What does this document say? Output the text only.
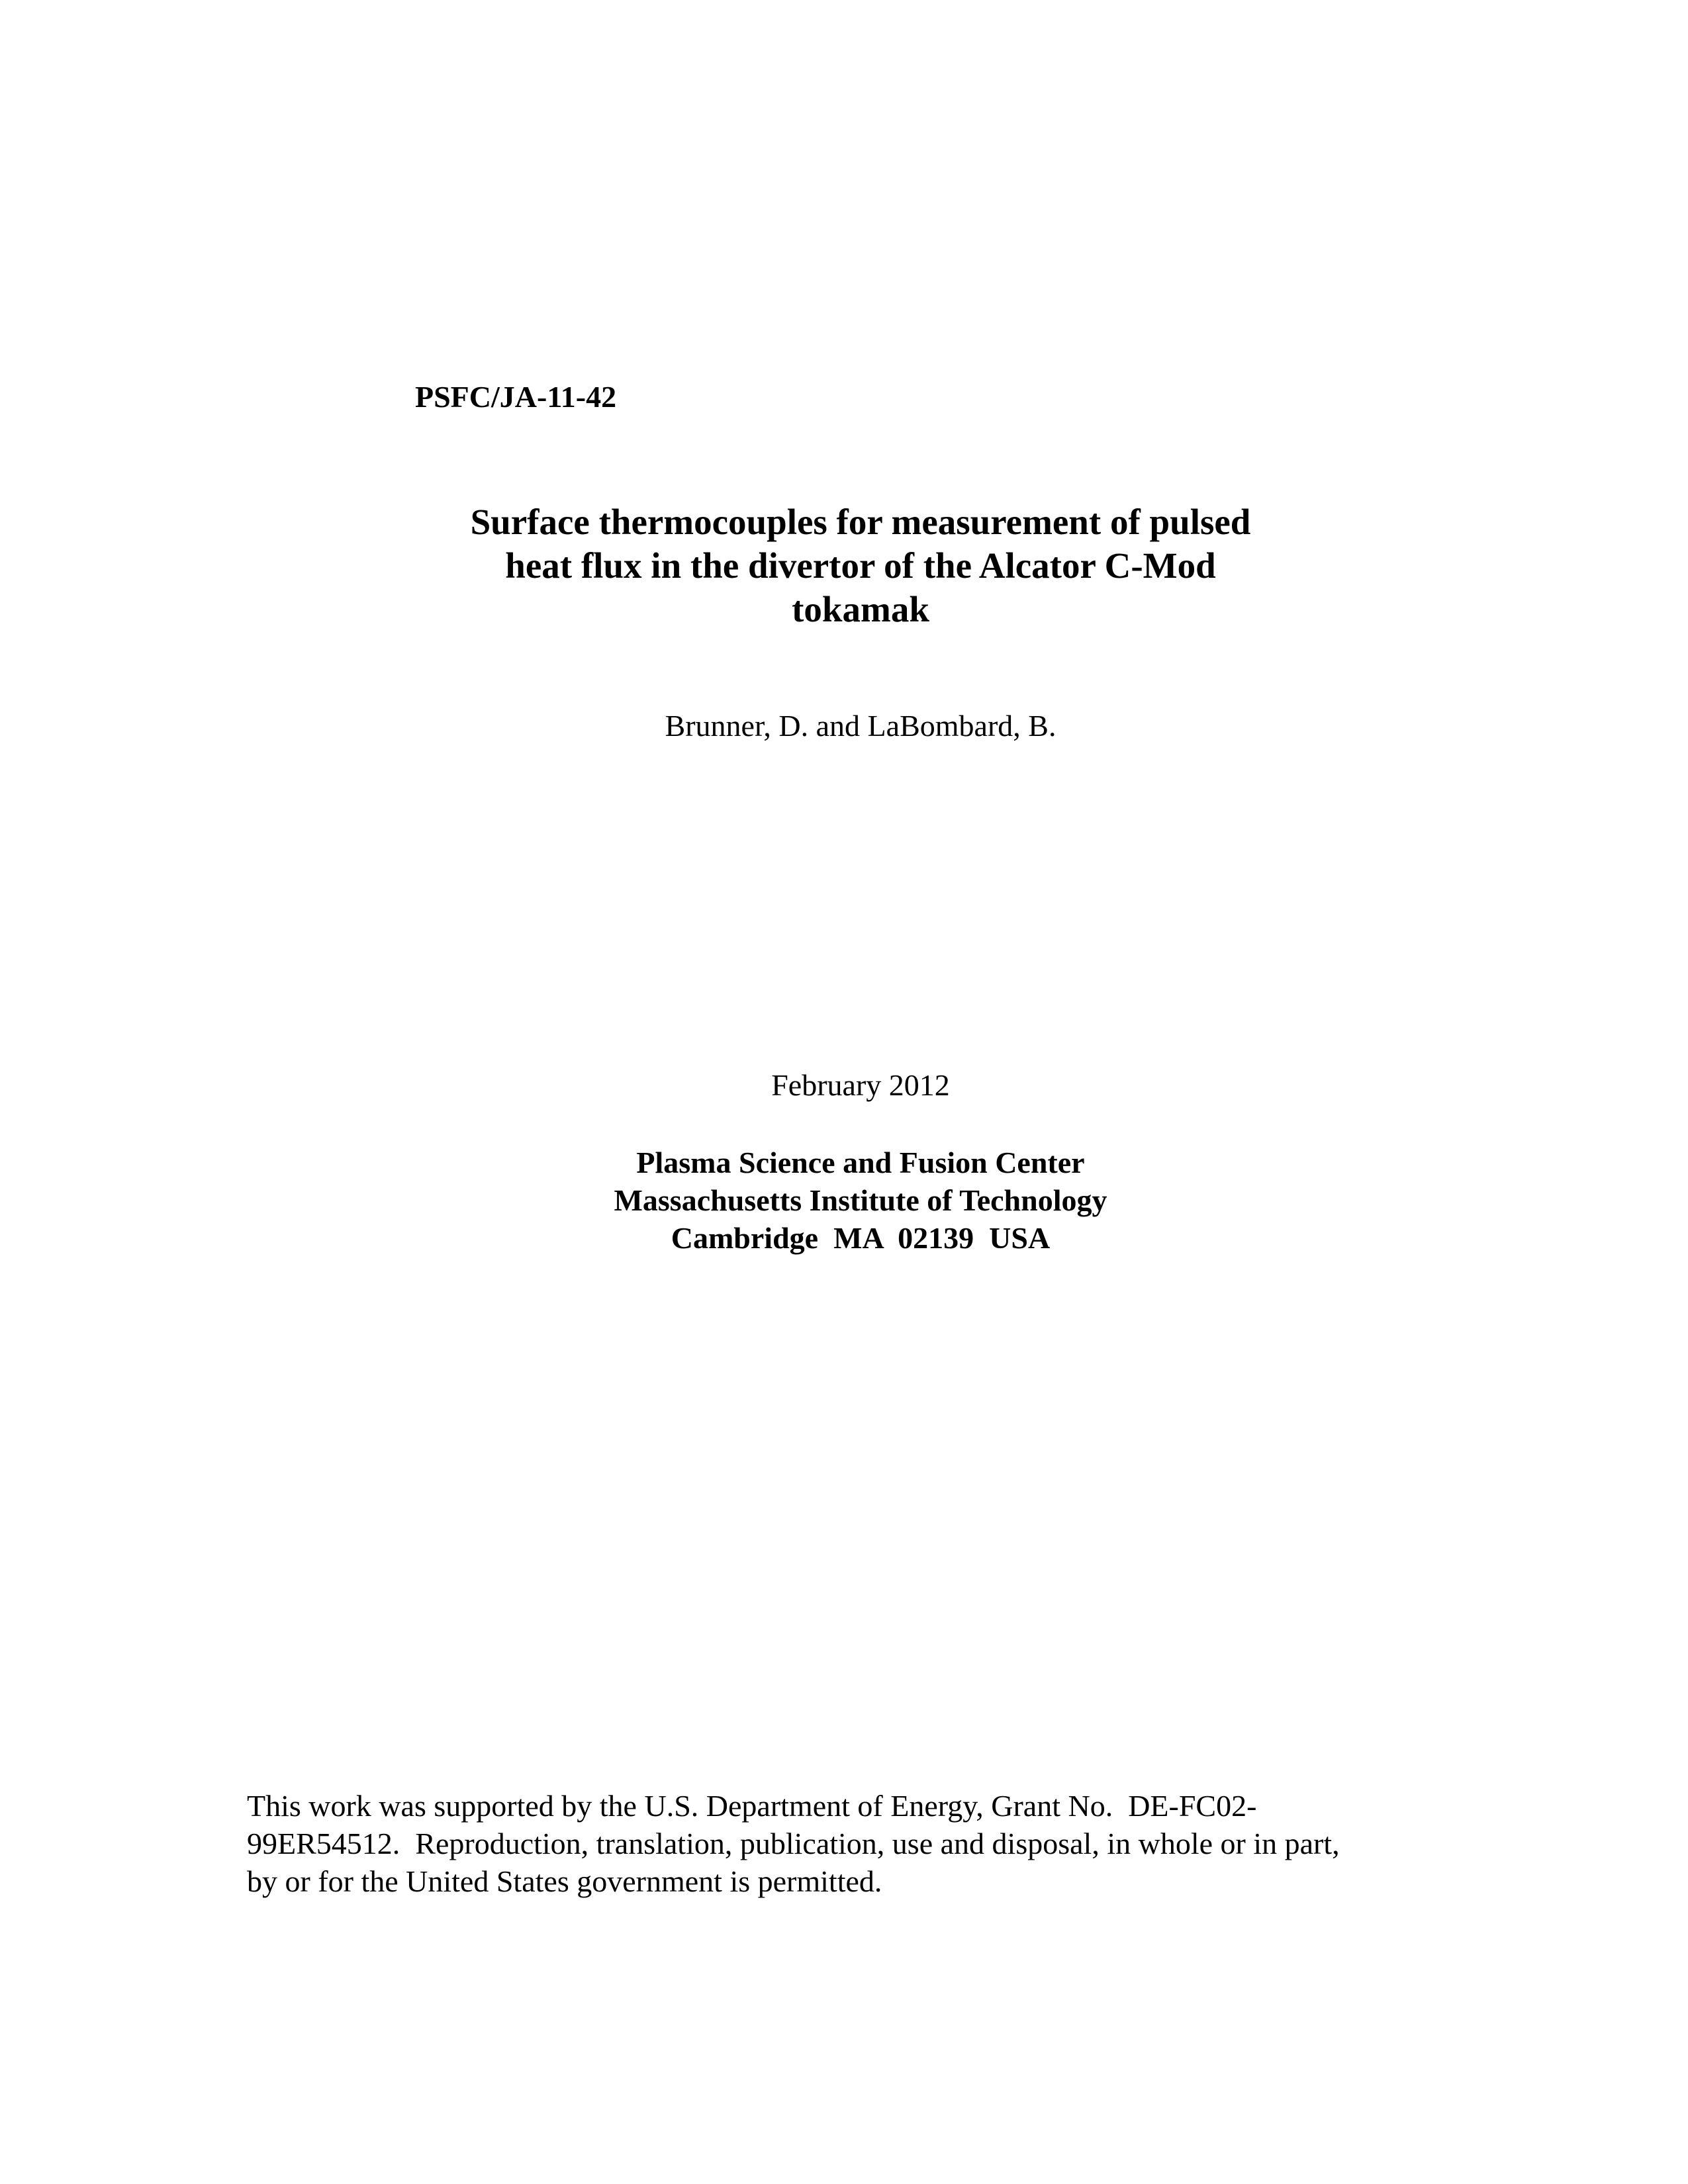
PSFC/JA-11-42

Surface thermocouples for measurement of pulsed
heat flux in the divertor of the Alcator C-Mod
tokamak

Brunner, D. and LaBombard, B.

February 2012

Plasma Science and Fusion Center
Massachusetts Institute of Technology
Cambridge  MA  02139  USA
This work was supported by the U.S. Department of Energy, Grant No.  DE-FC02-
99ER54512.  Reproduction, translation, publication, use and disposal, in whole or in part,
by or for the United States government is permitted.
